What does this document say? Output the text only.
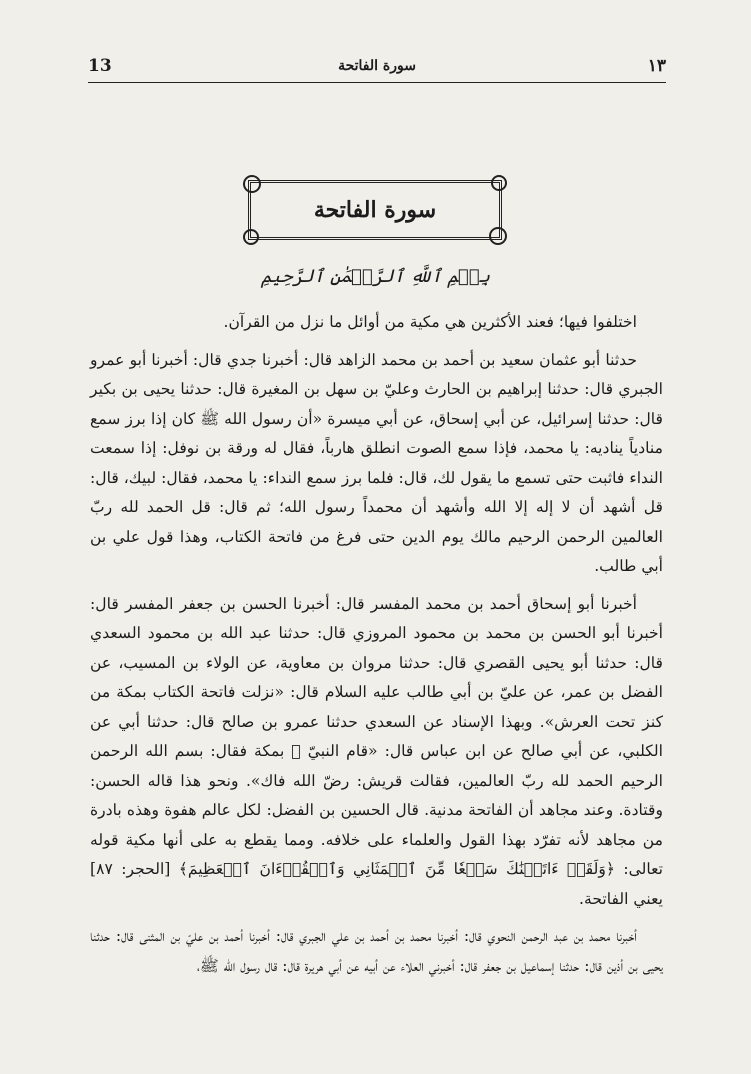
13	سورة الفاتحة	١٣
سورة الفاتحة
بِسۡمِ ٱللَّهِ ٱلرَّحۡمَٰنِ ٱلرَّحِيمِ

اختلفوا فيها؛ فعند الأكثرين هي مكية من أوائل ما نزل من القرآن.

حدثنا أبو عثمان سعيد بن أحمد بن محمد الزاهد قال: أخبرنا جدي قال: أخبرنا أبو عمرو الجبري قال: حدثنا إبراهيم بن الحارث وعليّ بن سهل بن المغيرة قال: حدثنا يحيى بن بكير قال: حدثنا إسرائيل، عن أبي إسحاق، عن أبي ميسرة «أن رسول الله ﷺ كان إذا برز سمع منادياً يناديه: يا محمد، فإذا سمع الصوت انطلق هارباً، فقال له ورقة بن نوفل: إذا سمعت النداء فاثبت حتى تسمع ما يقول لك، قال: فلما برز سمع النداء: يا محمد، فقال: لبيك، قال: قل أشهد أن لا إله إلا الله وأشهد أن محمداً رسول الله؛ ثم قال: قل الحمد لله ربّ العالمين الرحمن الرحيم مالك يوم الدين حتى فرغ من فاتحة الكتاب، وهذا قول علي بن أبي طالب.

أخبرنا أبو إسحاق أحمد بن محمد المفسر قال: أخبرنا الحسن بن جعفر المفسر قال: أخبرنا أبو الحسن بن محمد بن محمود المروزي قال: حدثنا عبد الله بن محمود السعدي قال: حدثنا أبو يحيى القصري قال: حدثنا مروان بن معاوية، عن الولاء بن المسيب، عن الفضل بن عمر، عن عليّ بن أبي طالب عليه السلام قال: «نزلت فاتحة الكتاب بمكة من كنز تحت العرش». وبهذا الإسناد عن السعدي حدثنا عمرو بن صالح قال: حدثنا أبي عن الكلبي، عن أبي صالح عن ابن عباس قال: «قام النبيّ ﷺ بمكة فقال: بسم الله الرحمن الرحيم الحمد لله ربّ العالمين، فقالت قريش: رضّ الله فاك». ونحو هذا قاله الحسن: وقتادة. وعند مجاهد أن الفاتحة مدنية. قال الحسين بن الفضل: لكل عالم هفوة وهذه بادرة من مجاهد لأنه تفرّد بهذا القول والعلماء على خلافه. ومما يقطع به على أنها مكية قوله تعالى: ﴿وَلَقَدۡ ءَاتَيۡنَٰكَ سَبۡعٗا مِّنَ ٱلۡمَثَانِي وَٱلۡقُرۡءَانَ ٱلۡعَظِيمَ﴾ [الحجر: ٨٧] يعني الفاتحة.

أخبرنا محمد بن عبد الرحمن النحوي قال: أخبرنا محمد بن أحمد بن علي الجبري قال: أخبرنا أحمد بن عليّ بن المثنى قال: حدثنا يحيى بن أذين قال: حدثنا إسماعيل بن جعفر قال: أخبرني العلاء عن أبيه عن أبي هريرة قال: قال رسول الله ﷺ،
